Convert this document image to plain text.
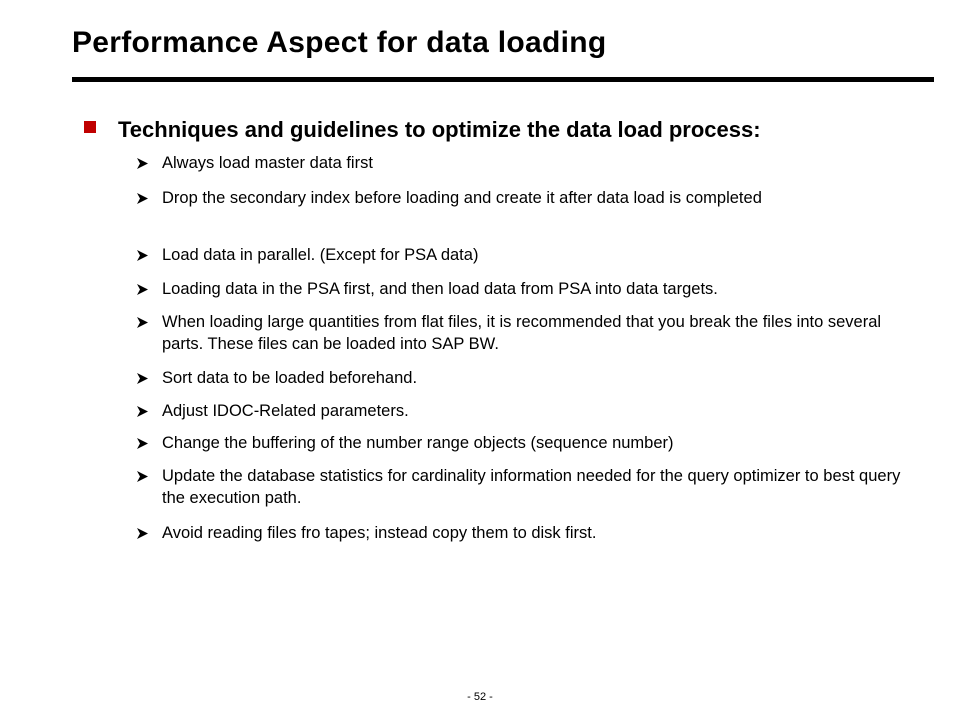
Performance Aspect for data loading
Techniques and guidelines to optimize the data load process:
Always load master data first
Drop the secondary index before loading and create it after data load is completed
Load data in parallel. (Except for PSA data)
Loading data in the PSA first, and then load data from PSA into data targets.
When loading large quantities from flat files, it is recommended that you break the files into several parts. These files can be loaded into SAP BW.
Sort data to be loaded beforehand.
Adjust IDOC-Related parameters.
Change the buffering of the number range objects (sequence number)
Update the database statistics for cardinality information needed for the query optimizer to best query the execution path.
Avoid reading files fro tapes; instead copy them to disk first.
- 52 -
